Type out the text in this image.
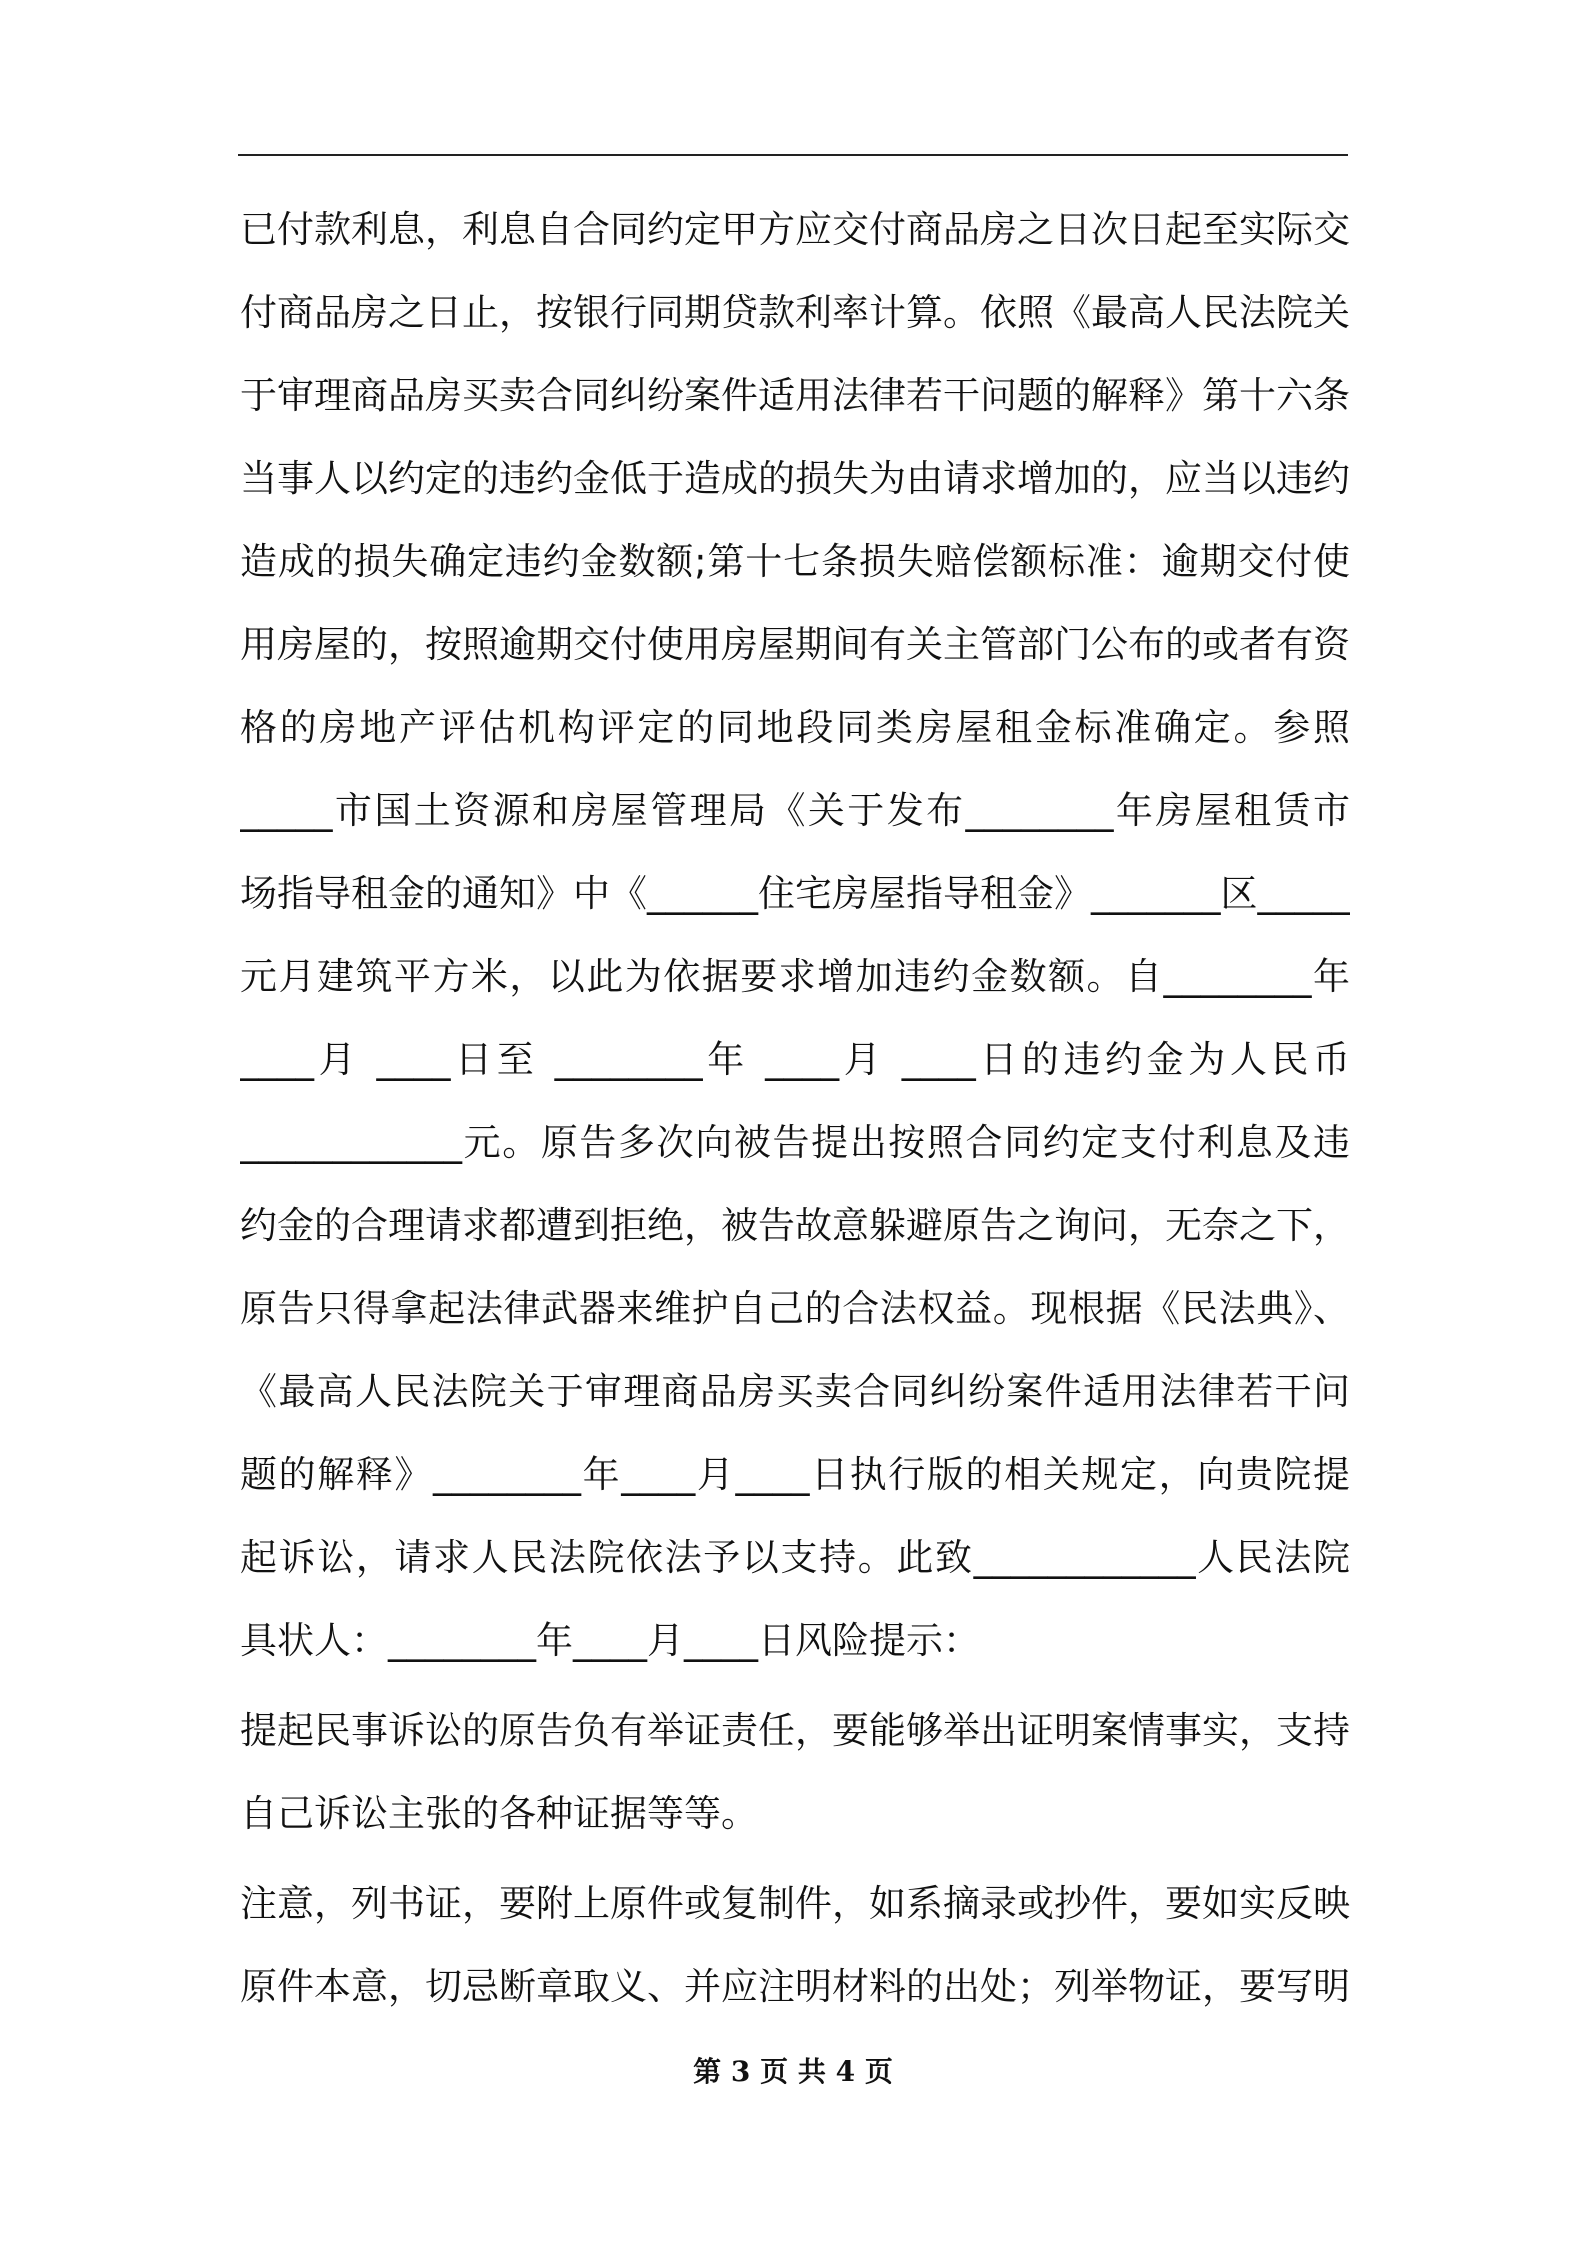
已付款利息，利息自合同约定甲方应交付商品房之日次日起至实际交
付商品房之日止，按银行同期贷款利率计算。依照《最高人民法院关
于审理商品房买卖合同纠纷案件适用法律若干问题的解释》第十六条
当事人以约定的违约金低于造成的损失为由请求增加的，应当以违约
造成的损失确定违约金数额;第十七条损失赔偿额标准：逾期交付使
用房屋的，按照逾期交付使用房屋期间有关主管部门公布的或者有资
格的房地产评估机构评定的同地段同类房屋租金标准确定。参照
_____市国土资源和房屋管理局《关于发布________年房屋租赁市
场指导租金的通知》中《______住宅房屋指导租金》_______区_____
元月建筑平方米，以此为依据要求增加违约金数额。自________年
____月 ____日至 ________年 ____月 ____日的违约金为人民币
____________元。原告多次向被告提出按照合同约定支付利息及违
约金的合理请求都遭到拒绝，被告故意躲避原告之询问，无奈之下，
原告只得拿起法律武器来维护自己的合法权益。现根据《民法典》、
《最高人民法院关于审理商品房买卖合同纠纷案件适用法律若干问
题的解释》________年____月____日执行版的相关规定，向贵院提
起诉讼，请求人民法院依法予以支持。此致____________人民法院
具状人：________年____月____日风险提示：
提起民事诉讼的原告负有举证责任，要能够举出证明案情事实，支持
自己诉讼主张的各种证据等等。
注意，列书证，要附上原件或复制件，如系摘录或抄件，要如实反映
原件本意，切忌断章取义、并应注明材料的出处；列举物证，要写明
第 3 页 共 4 页
